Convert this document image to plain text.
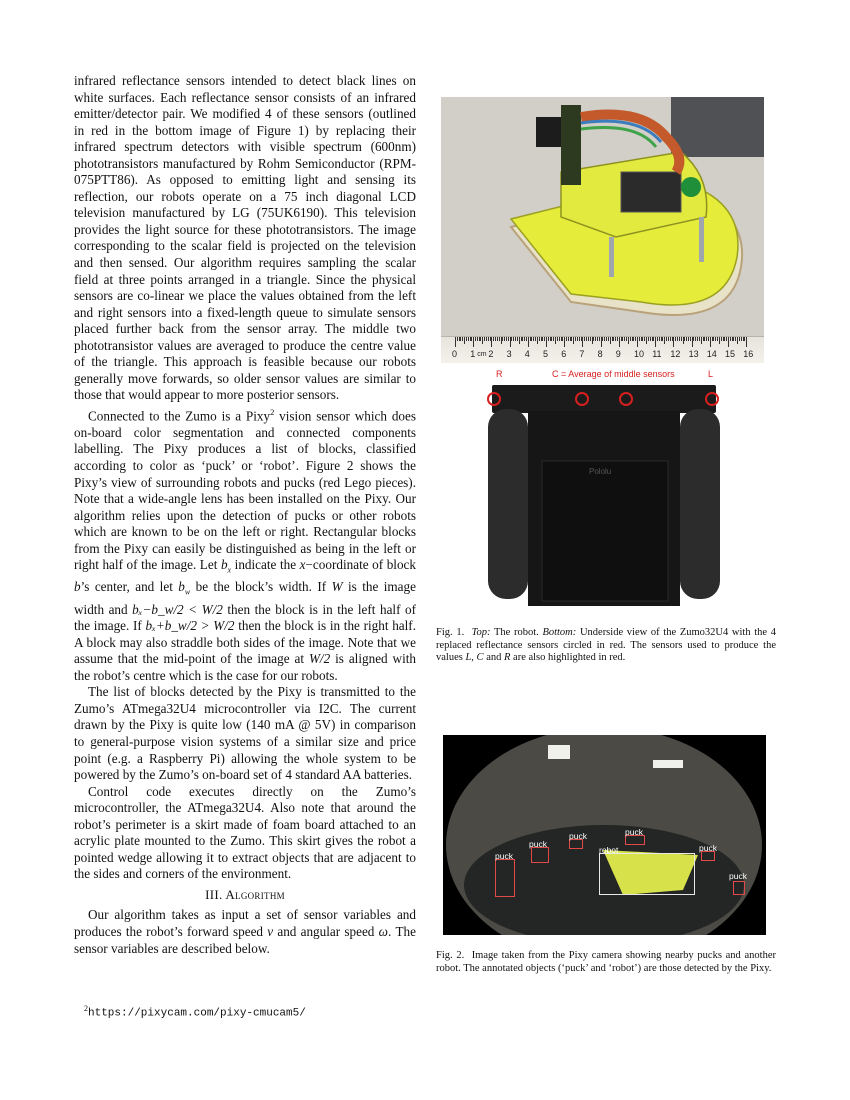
infrared reflectance sensors intended to detect black lines on white surfaces. Each reflectance sensor consists of an infrared emitter/detector pair. We modified 4 of these sensors (outlined in red in the bottom image of Figure 1) by replacing their infrared spectrum detectors with visible spectrum (600nm) phototransistors manufactured by Rohm Semiconductor (RPM-075PTT86). As opposed to emitting light and sensing its reflection, our robots operate on a 75 inch diagonal LCD television manufactured by LG (75UK6190). This television provides the light source for these phototransistors. The image corresponding to the scalar field is projected on the television and then sensed. Our algorithm requires sampling the scalar field at three points arranged in a triangle. Since the physical sensors are co-linear we place the values obtained from the left and right sensors into a fixed-length queue to simulate sensors placed further back from the sensor array. The middle two phototransistor values are averaged to produce the centre value of the triangle. This approach is feasible because our robots generally move forwards, so older sensor values are similar to those that would appear to more posterior sensors.

Connected to the Zumo is a Pixy$^2$ vision sensor which does on-board color segmentation and connected components labelling. The Pixy produces a list of blocks, classified according to color as ‘puck’ or ‘robot’. Figure 2 shows the Pixy’s view of surrounding robots and pucks (red Lego pieces). Note that a wide-angle lens has been installed on the Pixy. Our algorithm relies upon the detection of pucks or other robots which are known to be on the left or right. Rectangular blocks from the Pixy can easily be distinguished as being in the left or right half of the image. Let $b_x$ indicate the x−coordinate of block b’s center, and let $b_w$ be the block’s width. If W is the image width and bₓ−b_w/2 < W/2 then the block is in the left half of the image. If bₓ+b_w/2 > W/2 then the block is in the right half. A block may also straddle both sides of the image. Note that we assume that the mid-point of the image at W/2 is aligned with the robot’s centre which is the case for our robots.

The list of blocks detected by the Pixy is transmitted to the Zumo’s ATmega32U4 microcontroller via I2C. The current drawn by the Pixy is quite low (140 mA @ 5V) in comparison to general-purpose vision systems of a similar size and price point (e.g. a Raspberry Pi) allowing the whole system to be powered by the Zumo’s on-board set of 4 standard AA batteries.

Control code executes directly on the Zumo’s microcontroller, the ATmega32U4. Also note that around the robot’s perimeter is a skirt made of foam board attached to an acrylic plate mounted to the Zumo. This skirt gives the robot a pointed wedge allowing it to extract objects that are adjacent to the sides and corners of the environment.

III. Algorithm

Our algorithm takes as input a set of sensor variables and produces the robot’s forward speed v and angular speed ω. The sensor variables are described below.

$^2$https://pixycam.com/pixy-cmucam5/
0 1 2 3 4 5 6 7 8 9 10 11 12 13 14 15 16
cm
R	C = Average of middle sensors	L
Pololu
Fig. 1. Top: The robot. Bottom: Underside view of the Zumo32U4 with the 4 replaced reflectance sensors circled in red. The sensors used to produce the values L, C and R are also highlighted in red.
puck
puck
puck	puck
puck
puck
robot
Fig. 2. Image taken from the Pixy camera showing nearby pucks and another robot. The annotated objects (‘puck’ and ‘robot’) are those detected by the Pixy.
